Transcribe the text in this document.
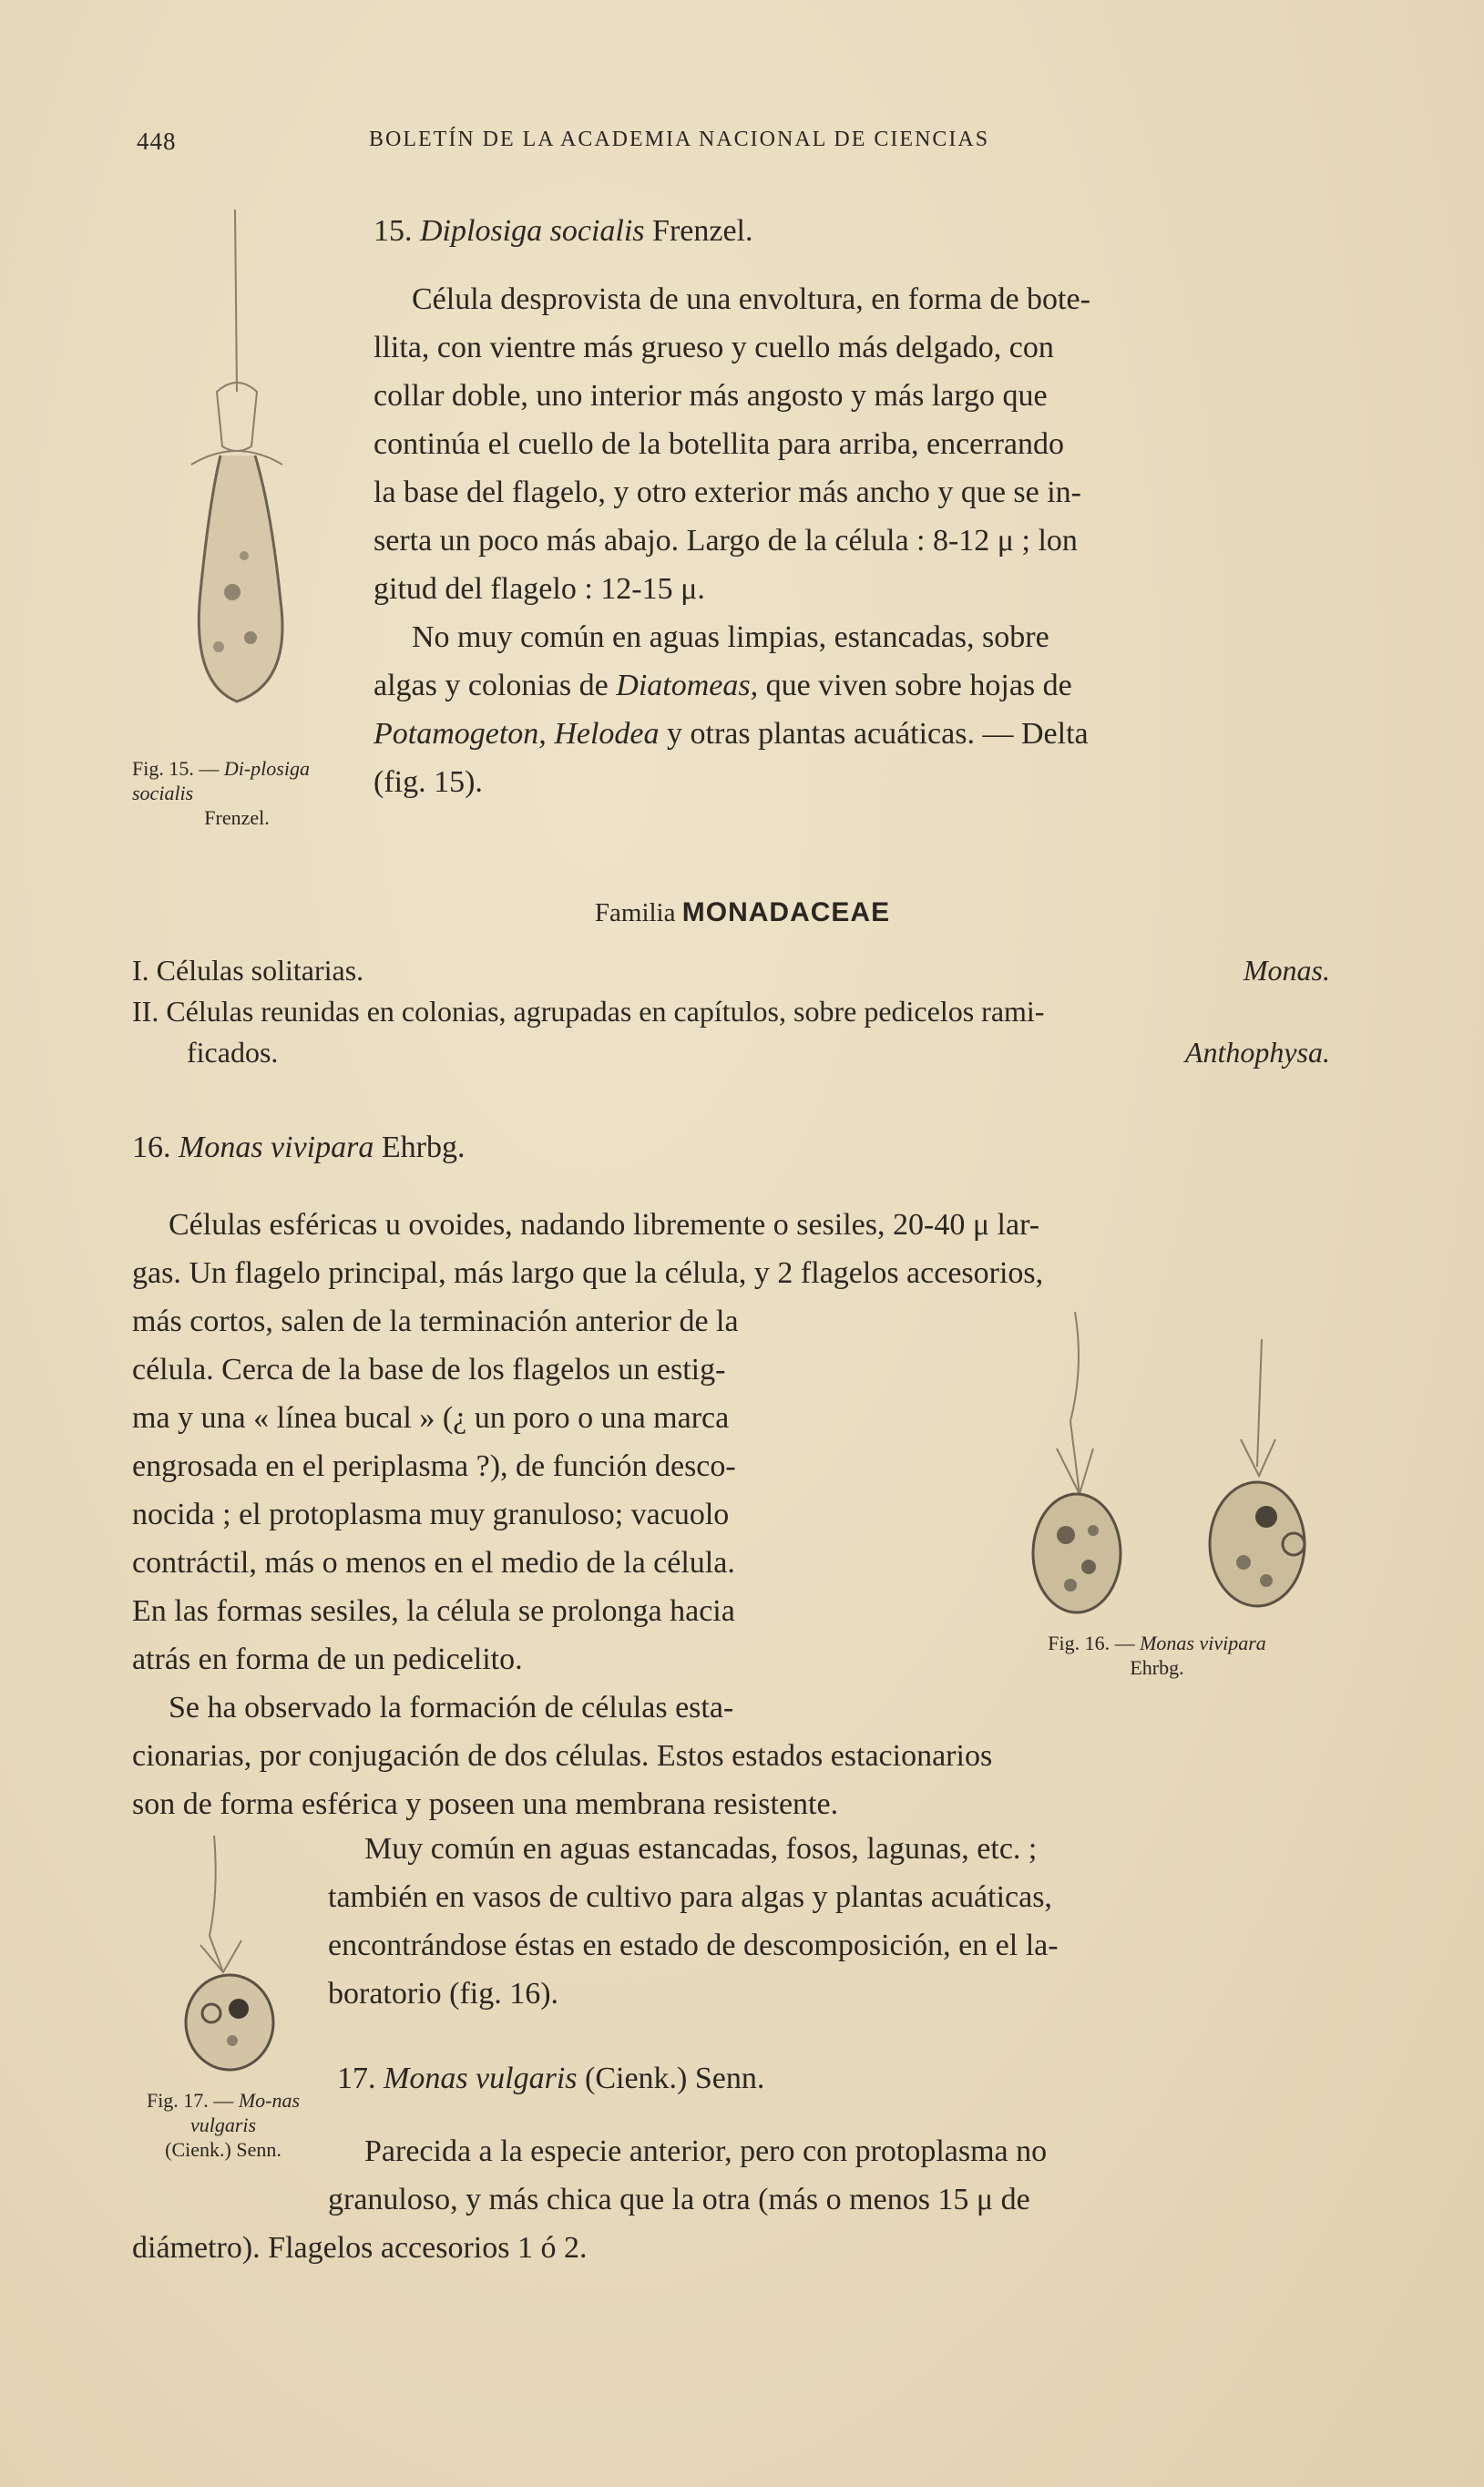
448	BOLETÍN DE LA ACADEMIA NACIONAL DE CIENCIAS
Fig. 15. — Di-plosiga socialis

Frenzel.
15. Diplosiga socialis Frenzel.
Célula desprovista de una envoltura, en forma de bote-
llita, con vientre más grueso y cuello más delgado, con
collar doble, uno interior más angosto y más largo que
continúa el cuello de la botellita para arriba, encerrando
la base del flagelo, y otro exterior más ancho y que se in-
serta un poco más abajo. Largo de la célula : 8-12 μ ; lon
gitud del flagelo : 12-15 μ.
No muy común en aguas limpias, estancadas, sobre
algas y colonias de Diatomeas, que viven sobre hojas de
Potamogeton, Helodea y otras plantas acuáticas. — Delta
(fig. 15).
Familia MONADACEAE
I. Células solitarias.	Monas.
II. Células reunidas en colonias, agrupadas en capítulos, sobre pedicelos rami-
ficados.	Anthophysa.
16. Monas vivipara Ehrbg.
Células esféricas u ovoides, nadando libremente o sesiles, 20-40 μ lar-
gas. Un flagelo principal, más largo que la célula, y 2 flagelos accesorios,
más cortos, salen de la terminación anterior de la
célula. Cerca de la base de los flagelos un estig-
ma y una « línea bucal » (¿ un poro o una marca
engrosada en el periplasma ?), de función desco-
nocida ; el protoplasma muy granuloso; vacuolo
contráctil, más o menos en el medio de la célula.
En las formas sesiles, la célula se prolonga hacia
atrás en forma de un pedicelito.
Se ha observado la formación de células esta-
Fig. 16. — Monas vivipara
Ehrbg.
cionarias, por conjugación de dos células. Estos estados estacionarios
son de forma esférica y poseen una membrana resistente.
Muy común en aguas estancadas, fosos, lagunas, etc. ;
también en vasos de cultivo para algas y plantas acuáticas,
encontrándose éstas en estado de descomposición, en el la-
boratorio (fig. 16).
Fig. 17. — Mo-nas vulgaris
(Cienk.) Senn.
17. Monas vulgaris (Cienk.) Senn.
Parecida a la especie anterior, pero con protoplasma no
granuloso, y más chica que la otra (más o menos 15 μ de
diámetro). Flagelos accesorios 1 ó 2.
